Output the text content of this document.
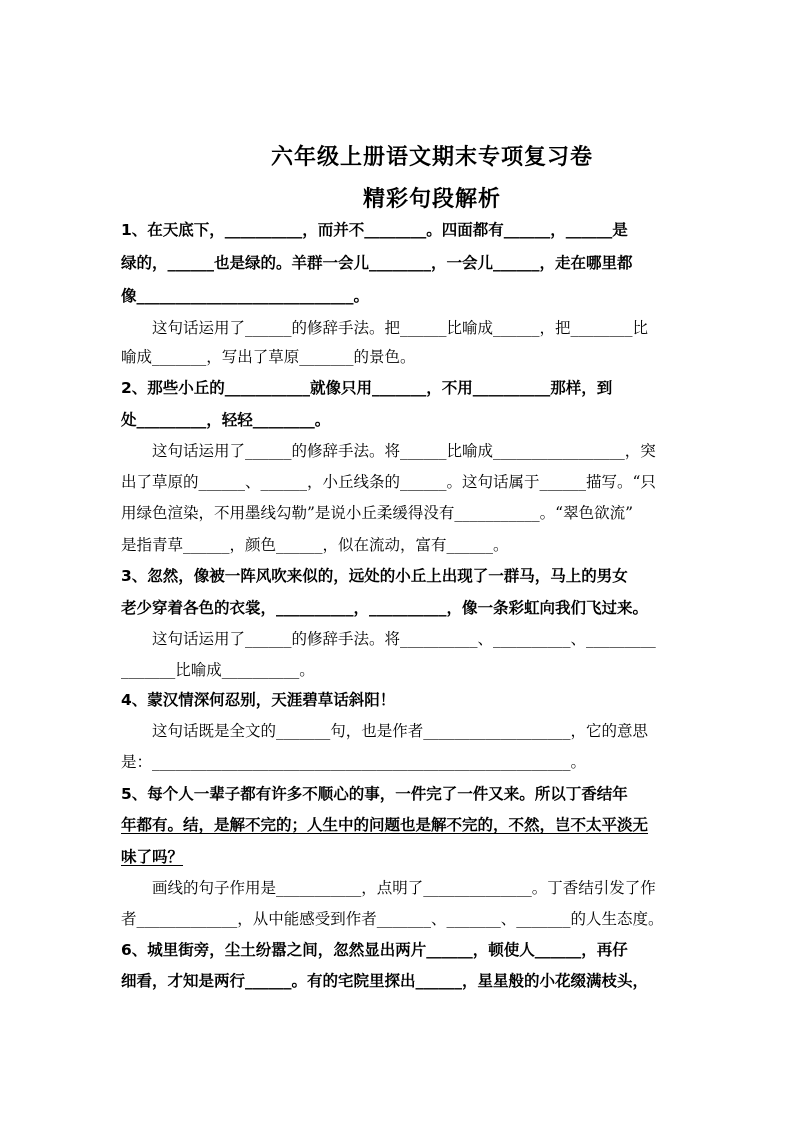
六年级上册语文期末专项复习卷
精彩句段解析
1、在天底下，__________，而并不________。四面都有______，______是
绿的，______也是绿的。羊群一会儿________，一会儿______，走在哪里都
像____________________________。
这句话运用了______的修辞手法。把______比喻成______，把________比
喻成_______，写出了草原_______的景色。
2、那些小丘的___________就像只用_______，不用__________那样，到
处_________，轻轻________。
这句话运用了______的修辞手法。将______比喻成_________________，突
出了草原的______、______，小丘线条的______。这句话属于______描写。“只
用绿色渲染，不用墨线勾勒”是说小丘柔缓得没有___________。“翠色欲流”
是指青草______，颜色______，似在流动，富有______。
3、忽然，像被一阵风吹来似的，远处的小丘上出现了一群马，马上的男女
老少穿着各色的衣裳，__________，__________，像一条彩虹向我们飞过来。
这句话运用了______的修辞手法。将__________、__________、_________
_______比喻成__________。
4、蒙汉情深何忍别，天涯碧草话斜阳！
这句话既是全文的_______句，也是作者___________________，它的意思
是：______________________________________________________。
5、每个人一辈子都有许多不顺心的事，一件完了一件又来。所以丁香结年
年都有。结，是解不完的；人生中的问题也是解不完的，不然，岂不太平淡无
味了吗？
画线的句子作用是___________，点明了______________。丁香结引发了作
者_____________，从中能感受到作者_______、_______、_______的人生态度。
6、城里街旁，尘土纷嚣之间，忽然显出两片______，顿使人______，再仔
细看，才知是两行______。有的宅院里探出______，星星般的小花缀满枝头，
